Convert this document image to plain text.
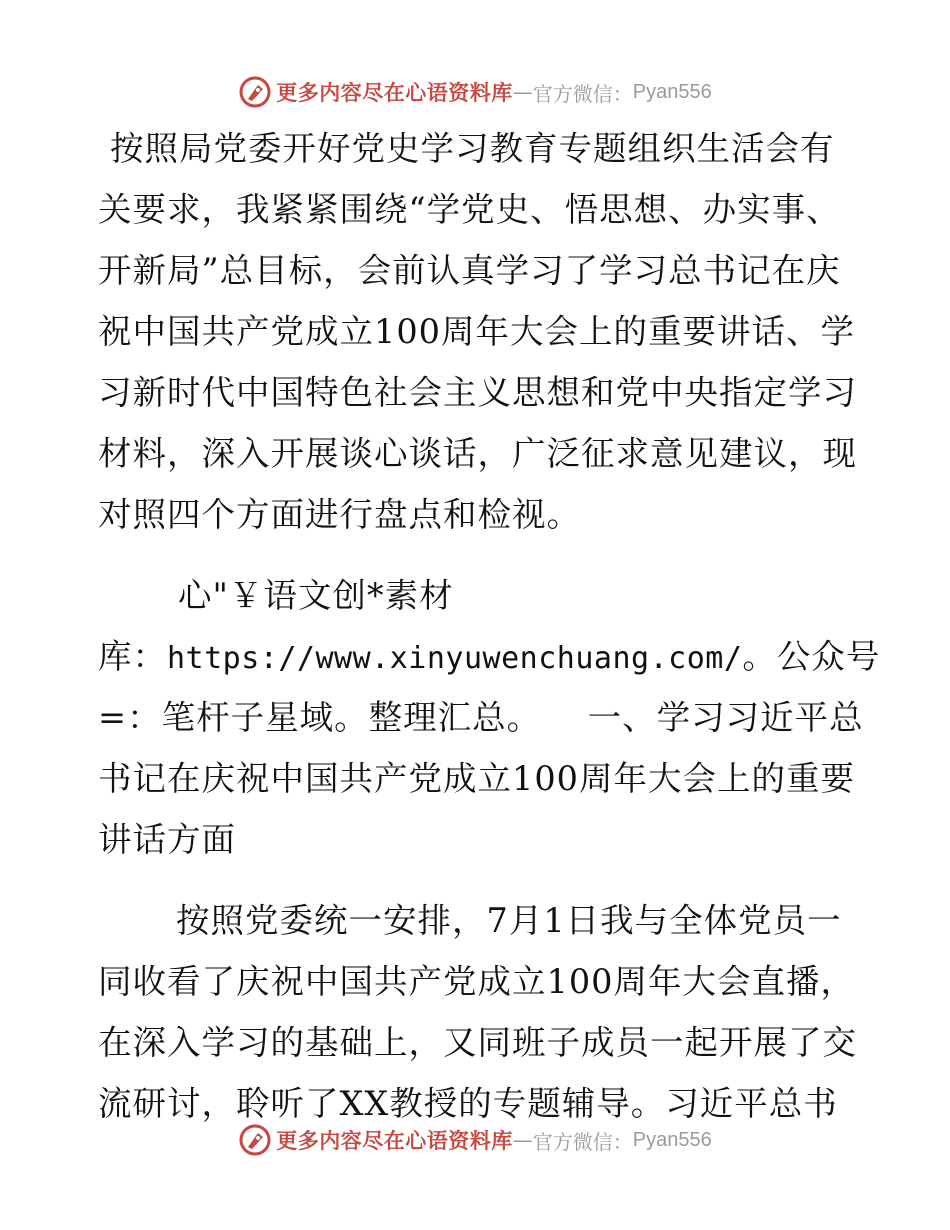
更多内容尽在心语资料库 — 官方微信： Pyan556
按照局党委开好党史学习教育专题组织生活会有
关要求，我紧紧围绕“学党史、悟思想、办实事、
开新局”总目标，会前认真学习了学习总书记在庆
祝中国共产党成立100周年大会上的重要讲话、学
习新时代中国特色社会主义思想和党中央指定学习
材料，深入开展谈心谈话，广泛征求意见建议，现
对照四个方面进行盘点和检视。
心"￥语文创*素材
库：https://www.xinyuwenchuang.com/。公众号
=：笔杆子星域。整理汇总。    一、学习习近平总
书记在庆祝中国共产党成立100周年大会上的重要
讲话方面
按照党委统一安排，7月1日我与全体党员一
同收看了庆祝中国共产党成立100周年大会直播，
在深入学习的基础上，又同班子成员一起开展了交
流研讨，聆听了XX教授的专题辅导。习近平总书
更多内容尽在心语资料库 — 官方微信： Pyan556
